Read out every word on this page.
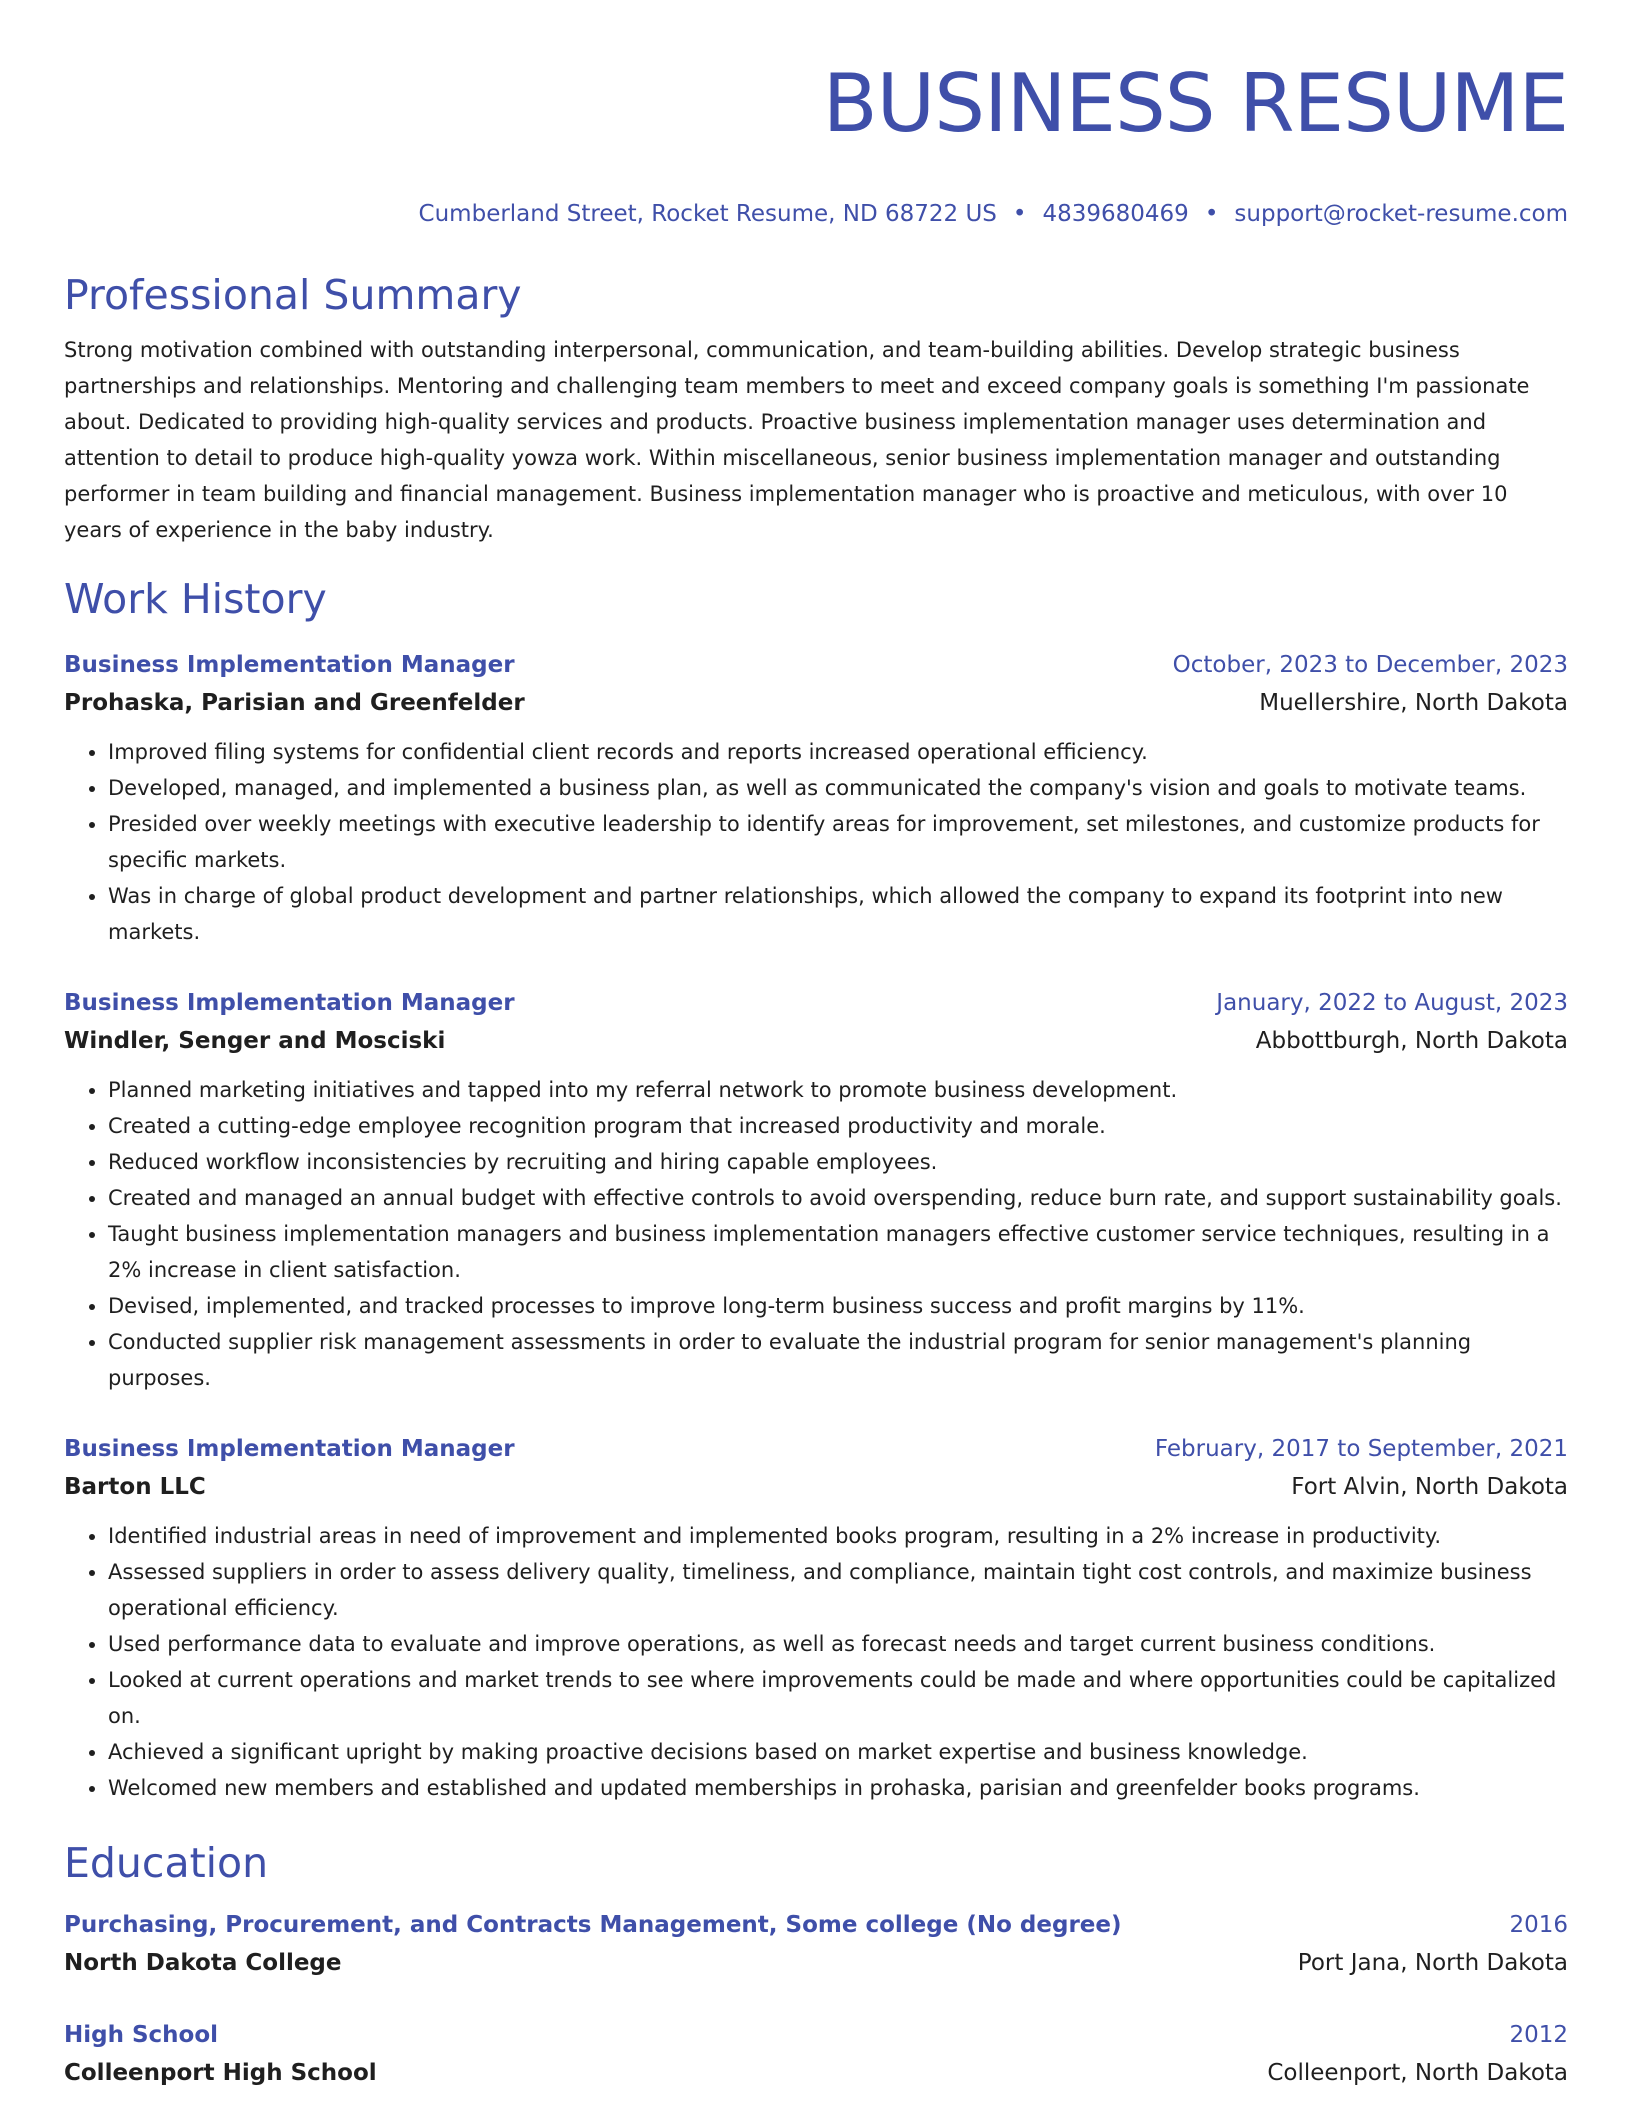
BUSINESS RESUME
Cumberland Street, Rocket Resume, ND 68722 US • 4839680469 • support@rocket-resume.com
Professional Summary
Strong motivation combined with outstanding interpersonal, communication, and team-building abilities. Develop strategic business partnerships and relationships. Mentoring and challenging team members to meet and exceed company goals is something I'm passionate about. Dedicated to providing high-quality services and products. Proactive business implementation manager uses determination and attention to detail to produce high-quality yowza work. Within miscellaneous, senior business implementation manager and outstanding performer in team building and financial management. Business implementation manager who is proactive and meticulous, with over 10 years of experience in the baby industry.
Work History
Business Implementation Manager	October, 2023 to December, 2023
Prohaska, Parisian and Greenfelder	Muellershire, North Dakota
• Improved filing systems for confidential client records and reports increased operational efficiency.
• Developed, managed, and implemented a business plan, as well as communicated the company's vision and goals to motivate teams.
• Presided over weekly meetings with executive leadership to identify areas for improvement, set milestones, and customize products for specific markets.
• Was in charge of global product development and partner relationships, which allowed the company to expand its footprint into new markets.
Business Implementation Manager	January, 2022 to August, 2023
Windler, Senger and Mosciski	Abbottburgh, North Dakota
• Planned marketing initiatives and tapped into my referral network to promote business development.
• Created a cutting-edge employee recognition program that increased productivity and morale.
• Reduced workflow inconsistencies by recruiting and hiring capable employees.
• Created and managed an annual budget with effective controls to avoid overspending, reduce burn rate, and support sustainability goals.
• Taught business implementation managers and business implementation managers effective customer service techniques, resulting in a 2% increase in client satisfaction.
• Devised, implemented, and tracked processes to improve long-term business success and profit margins by 11%.
• Conducted supplier risk management assessments in order to evaluate the industrial program for senior management's planning purposes.
Business Implementation Manager	February, 2017 to September, 2021
Barton LLC	Fort Alvin, North Dakota
• Identified industrial areas in need of improvement and implemented books program, resulting in a 2% increase in productivity.
• Assessed suppliers in order to assess delivery quality, timeliness, and compliance, maintain tight cost controls, and maximize business operational efficiency.
• Used performance data to evaluate and improve operations, as well as forecast needs and target current business conditions.
• Looked at current operations and market trends to see where improvements could be made and where opportunities could be capitalized on.
• Achieved a significant upright by making proactive decisions based on market expertise and business knowledge.
• Welcomed new members and established and updated memberships in prohaska, parisian and greenfelder books programs.
Education
Purchasing, Procurement, and Contracts Management, Some college (No degree)	2016
North Dakota College	Port Jana, North Dakota
High School	2012
Colleenport High School	Colleenport, North Dakota
